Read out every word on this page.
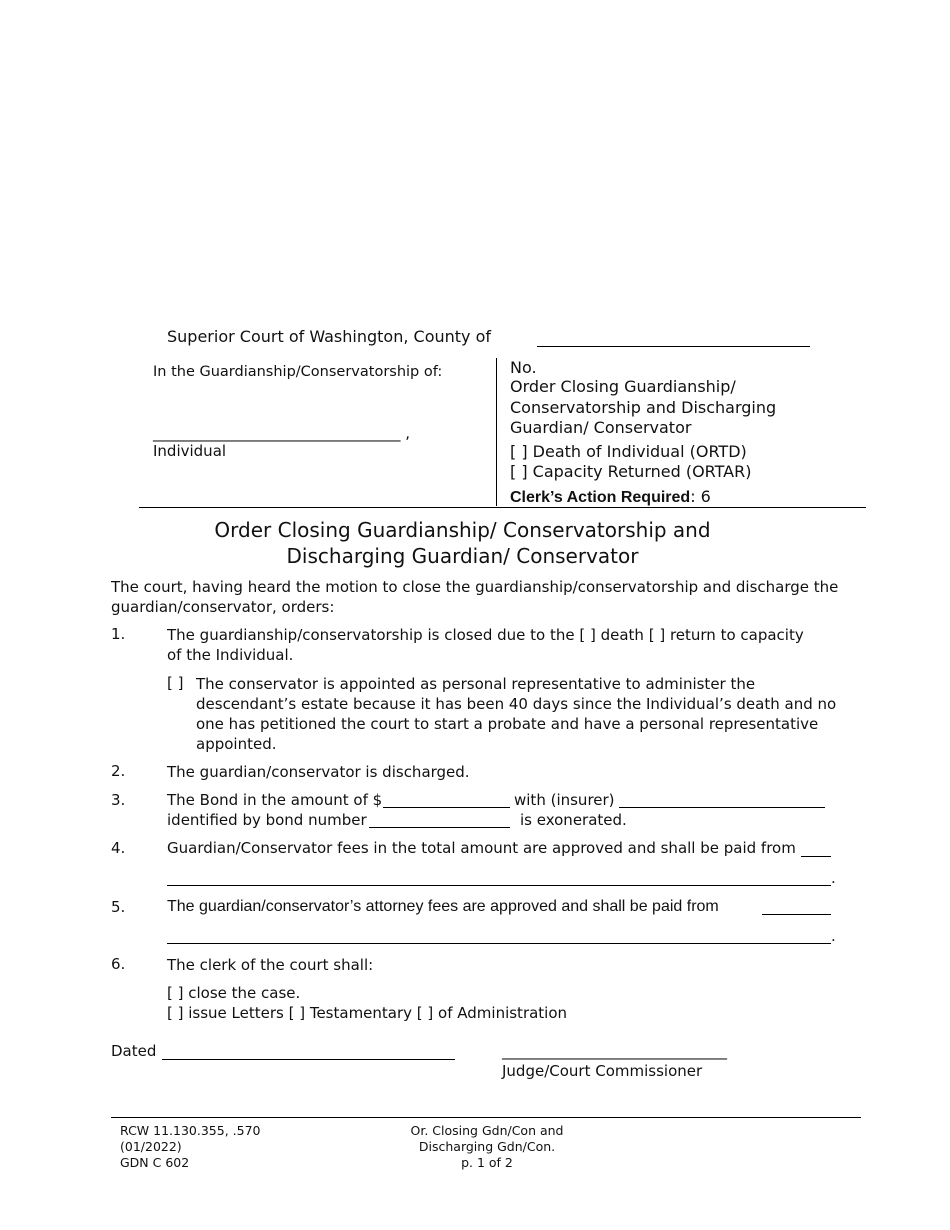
Superior Court of Washington, County of
In the Guardianship/Conservatorship of:
_________________________________ ,
Individual
No.
Order Closing Guardianship/
Conservatorship and Discharging
Guardian/ Conservator
[ ] Death of Individual (ORTD)
[ ] Capacity Returned (ORTAR)
Clerk’s Action Required: 6
Order Closing Guardianship/ Conservatorship and
Discharging Guardian/ Conservator
The court, having heard the motion to close the guardianship/conservatorship and discharge the
guardian/conservator, orders:
1.	The guardianship/conservatorship is closed due to the [ ] death [ ] return to capacity
of the Individual.
[ ] The conservator is appointed as personal representative to administer the
descendant’s estate because it has been 40 days since the Individual’s death and no
one has petitioned the court to start a probate and have a personal representative
appointed.
2.	The guardian/conservator is discharged.
3.	The Bond in the amount of $	with (insurer)
identified by bond number	is exonerated.
4.	Guardian/Conservator fees in the total amount are approved and shall be paid from
.
5.	The guardian/conservator’s attorney fees are approved and shall be paid from
.
6.	The clerk of the court shall:
[ ] close the case.
[ ] issue Letters [ ] Testamentary [ ] of Administration
Dated	______________________________
Judge/Court Commissioner
RCW 11.130.355, .570
(01/2022)
GDN C 602
Or. Closing Gdn/Con and
Discharging Gdn/Con.
p. 1 of 2
